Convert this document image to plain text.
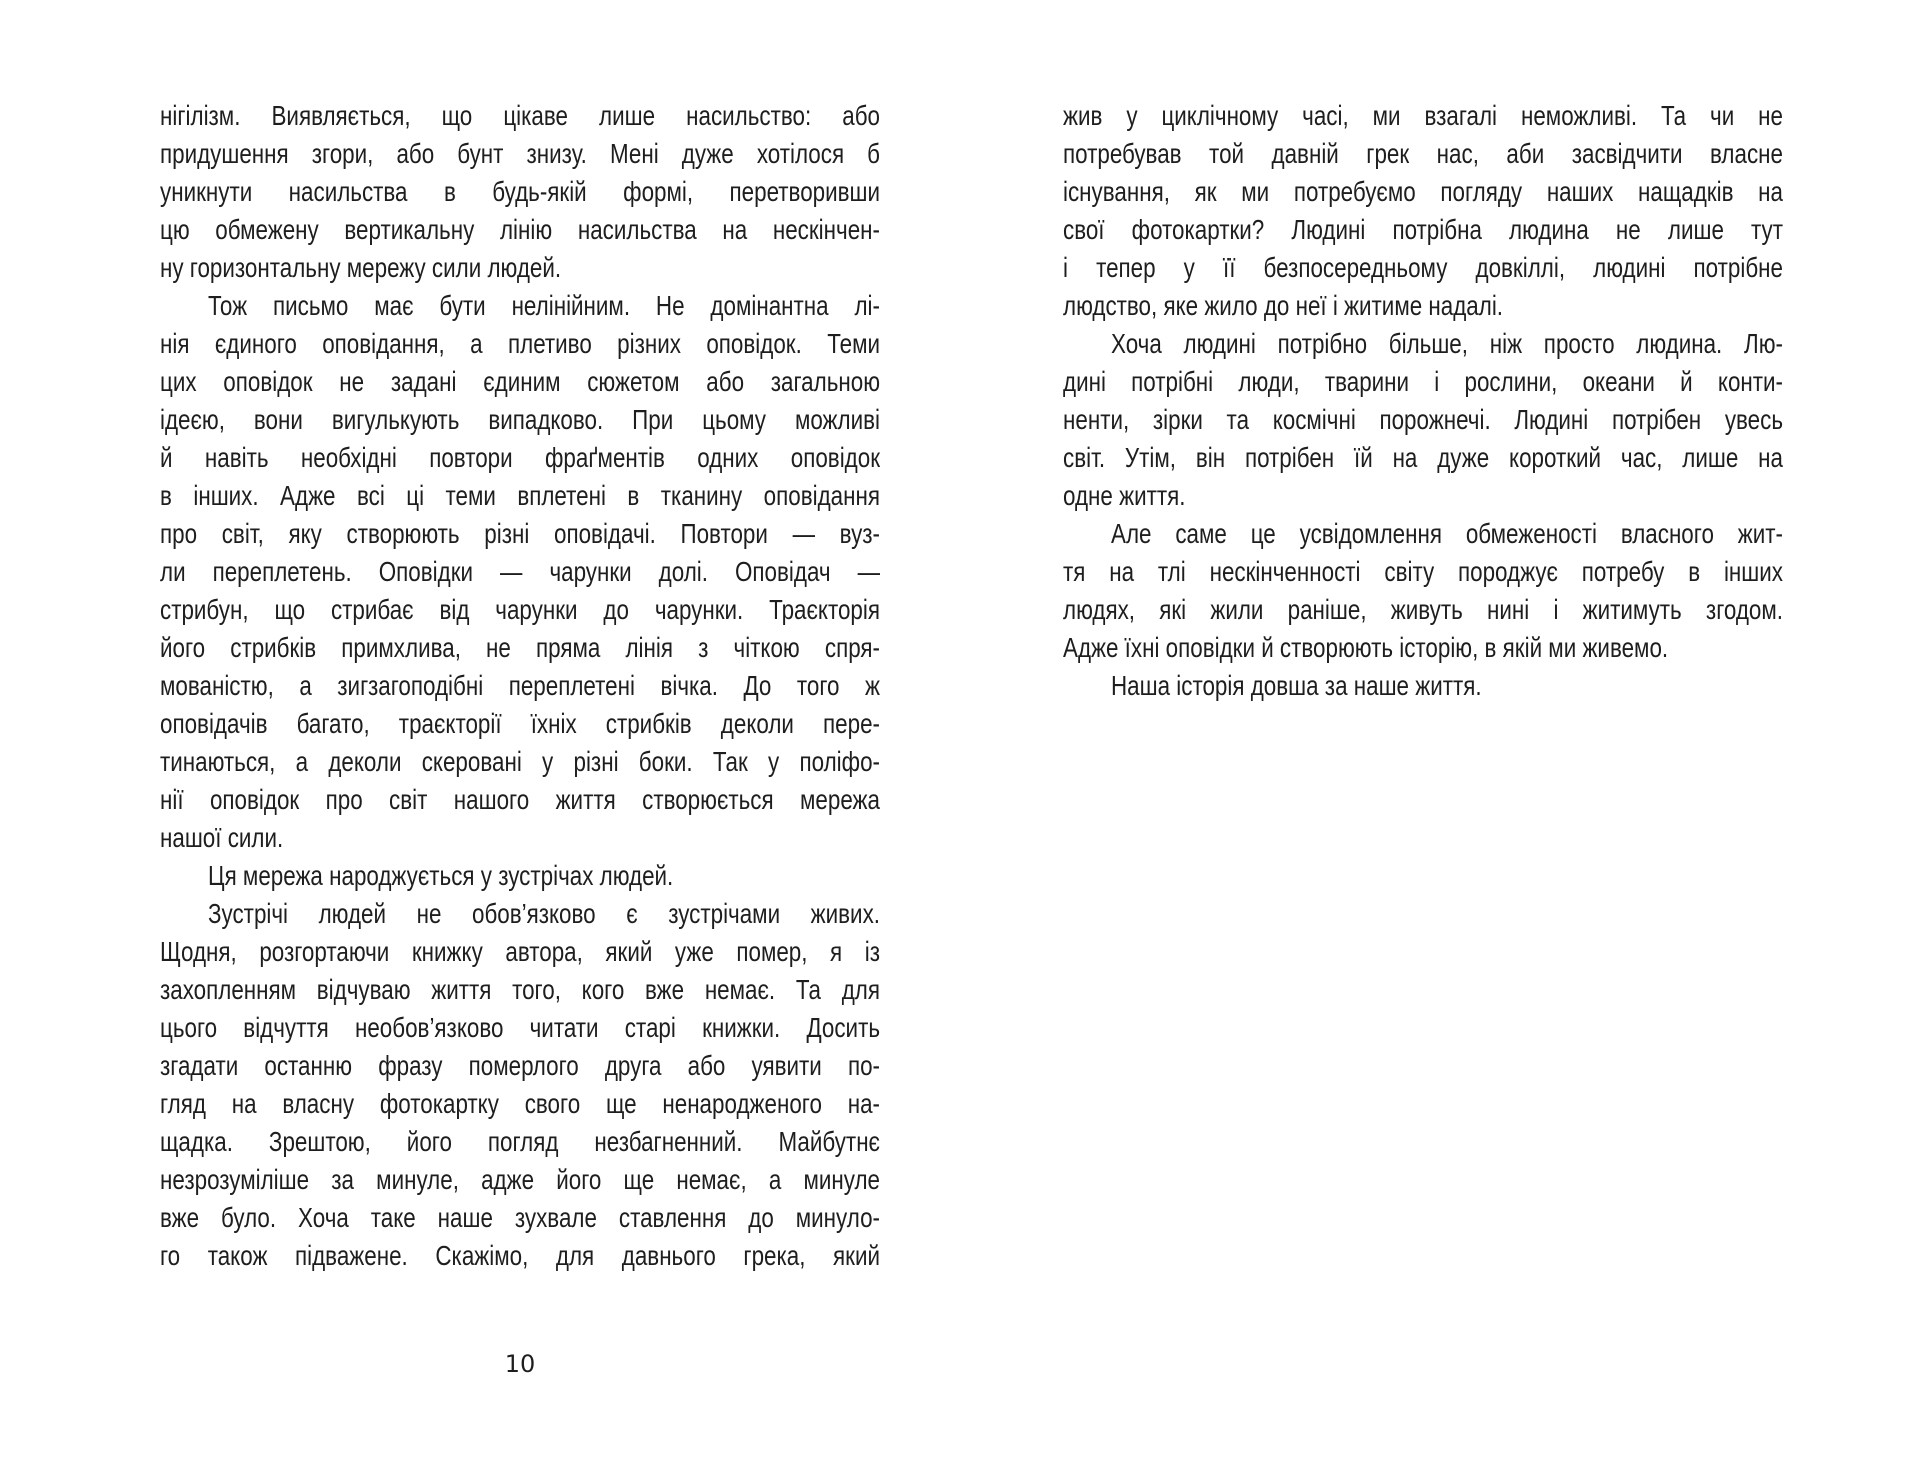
нігілізм. Виявляється, що цікаве лише насильство: або
придушення згори, або бунт знизу. Мені дуже хотілося б
уникнути насильства в будь-якій формі, перетворивши
цю обмежену вертикальну лінію насильства на нескінчен-
ну горизонтальну мережу сили людей.
Тож письмо має бути нелінійним. Не домінантна лі-
нія єдиного оповідання, а плетиво різних оповідок. Теми
цих оповідок не задані єдиним сюжетом або загальною
ідеєю, вони вигулькують випадково. При цьому можливі
й навіть необхідні повтори фраґментів одних оповідок
в інших. Адже всі ці теми вплетені в тканину оповідання
про світ, яку створюють різні оповідачі. Повтори — вуз-
ли переплетень. Оповідки — чарунки долі. Оповідач —
стрибун, що стрибає від чарунки до чарунки. Траєкторія
його стрибків примхлива, не пряма лінія з чіткою спря-
мованістю, а зигзагоподібні переплетені вічка. До того ж
оповідачів багато, траєкторії їхніх стрибків деколи пере-
тинаються, а деколи скеровані у різні боки. Так у поліфо-
нії оповідок про світ нашого життя створюється мережа
нашої сили.
Ця мережа народжується у зустрічах людей.
Зустрічі людей не обов’язково є зустрічами живих.
Щодня, розгортаючи книжку автора, який уже помер, я із
захопленням відчуваю життя того, кого вже немає. Та для
цього відчуття необов’язково читати старі книжки. Досить
згадати останню фразу померлого друга або уявити по-
гляд на власну фотокартку свого ще ненародженого на-
щадка. Зрештою, його погляд незбагненний. Майбутнє
незрозуміліше за минуле, адже його ще немає, а минуле
вже було. Хоча таке наше зухвале ставлення до минуло-
го також підважене. Скажімо, для давнього грека, який
жив у циклічному часі, ми взагалі неможливі. Та чи не
потребував той давній грек нас, аби засвідчити власне
існування, як ми потребуємо погляду наших нащадків на
свої фотокартки? Людині потрібна людина не лише тут
і тепер у її безпосередньому довкіллі, людині потрібне
людство, яке жило до неї і житиме надалі.
Хоча людині потрібно більше, ніж просто людина. Лю-
дині потрібні люди, тварини і рослини, океани й конти-
ненти, зірки та космічні порожнечі. Людині потрібен увесь
світ. Утім, він потрібен їй на дуже короткий час, лише на
одне життя.
Але саме це усвідомлення обмеженості власного жит-
тя на тлі нескінченності світу породжує потребу в інших
людях, які жили раніше, живуть нині і житимуть згодом.
Адже їхні оповідки й створюють історію, в якій ми живемо.
Наша історія довша за наше життя.
10
